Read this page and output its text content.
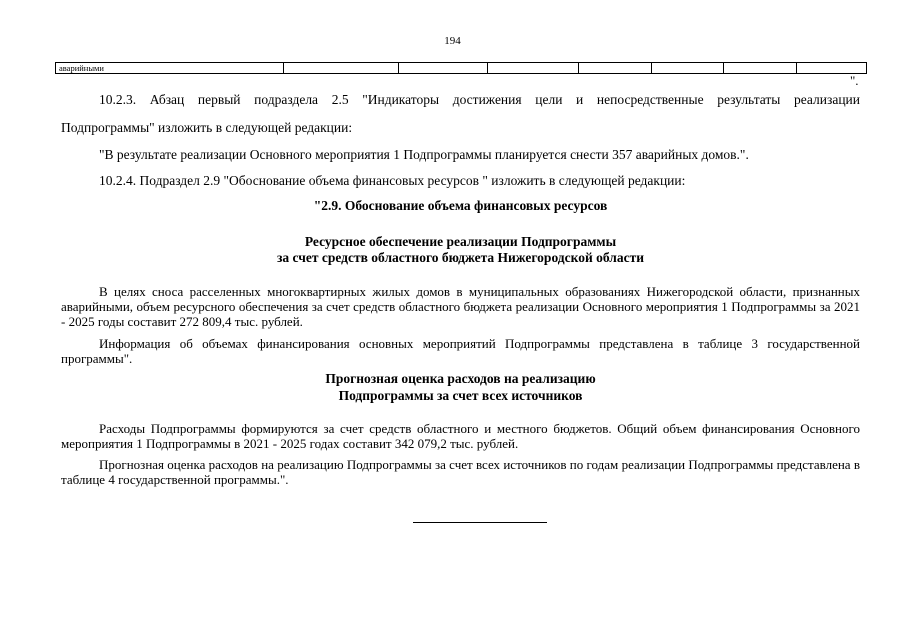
194
аварийными
".

10.2.3. Абзац первый подраздела 2.5 "Индикаторы достижения цели и непосредственные результаты реализации

Подпрограммы" изложить в следующей редакции:

"В результате реализации Основного мероприятия 1 Подпрограммы планируется снести 357 аварийных домов.".

10.2.4. Подраздел 2.9 "Обоснование объема финансовых ресурсов " изложить в следующей редакции:

"2.9. Обоснование объема финансовых ресурсов

Ресурсное обеспечение реализации Подпрограммы

за счет средств областного бюджета Нижегородской области

В целях сноса расселенных многоквартирных жилых домов в муниципальных образованиях Нижегородской области, признанных аварийными, объем ресурсного обеспечения за счет средств областного бюджета реализации Основного мероприятия 1 Подпрограммы за 2021 - 2025 годы составит 272 809,4 тыс. рублей.

Информация об объемах финансирования основных мероприятий Подпрограммы представлена в таблице 3 государственной программы".

Прогнозная оценка расходов на реализацию

Подпрограммы за счет всех источников

Расходы Подпрограммы формируются за счет средств областного и местного бюджетов. Общий объем финансирования Основного мероприятия 1 Подпрограммы в 2021 - 2025 годах составит 342 079,2 тыс. рублей.

Прогнозная оценка расходов на реализацию Подпрограммы за счет всех источников по годам реализации Подпрограммы представлена в таблице 4 государственной программы.".
